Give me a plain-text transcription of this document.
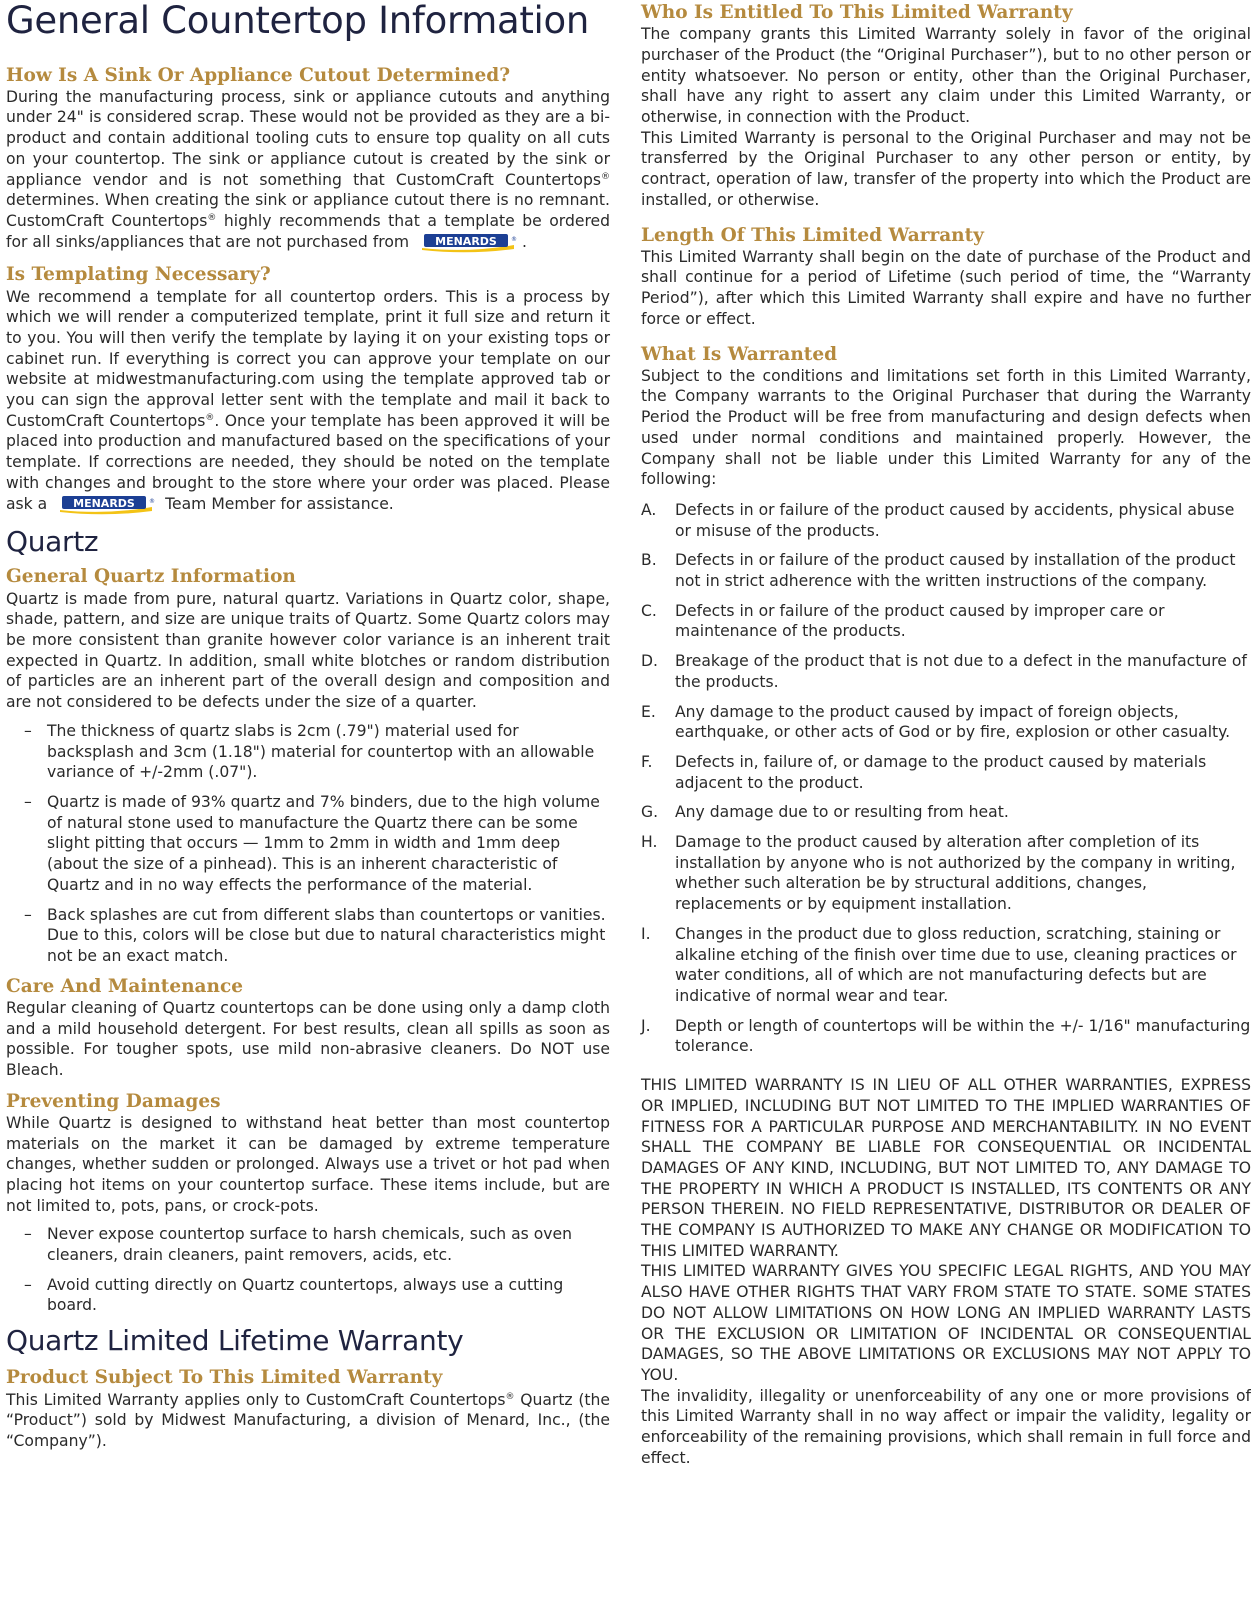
General Countertop Information
How Is A Sink Or Appliance Cutout Determined?

During the manufacturing process, sink or appliance cutouts and anything under 24" is considered scrap. These would not be provided as they are a bi-product and contain additional tooling cuts to ensure top quality on all cuts on your countertop. The sink or appliance cutout is created by the sink or appliance vendor and is not something that CustomCraft Countertops® determines. When creating the sink or appliance cutout there is no remnant. CustomCraft Countertops® highly recommends that a template be ordered for all sinks/appliances that are not purchased from MENARDS ® .

Is Templating Necessary?

We recommend a template for all countertop orders. This is a process by which we will render a computerized template, print it full size and return it to you. You will then verify the template by laying it on your existing tops or cabinet run. If everything is correct you can approve your template on our website at midwestmanufacturing.com using the template approved tab or you can sign the approval letter sent with the template and mail it back to CustomCraft Countertops®. Once your template has been approved it will be placed into production and manufactured based on the specifications of your template. If corrections are needed, they should be noted on the template with changes and brought to the store where your order was placed. Please ask a MENARDS ® Team Member for assistance.

Quartz
General Quartz Information

Quartz is made from pure, natural quartz. Variations in Quartz color, shape, shade, pattern, and size are unique traits of Quartz. Some Quartz colors may be more consistent than granite however color variance is an inherent trait expected in Quartz. In addition, small white blotches or random distribution of particles are an inherent part of the overall design and composition and are not considered to be defects under the size of a quarter.

– The thickness of quartz slabs is 2cm (.79") material used for backsplash and 3cm (1.18") material for countertop with an allowable variance of +/-2mm (.07").
– Quartz is made of 93% quartz and 7% binders, due to the high volume of natural stone used to manufacture the Quartz there can be some slight pitting that occurs — 1mm to 2mm in width and 1mm deep (about the size of a pinhead). This is an inherent characteristic of Quartz and in no way effects the performance of the material.
– Back splashes are cut from different slabs than countertops or vanities. Due to this, colors will be close but due to natural characteristics might not be an exact match.
Care And Maintenance

Regular cleaning of Quartz countertops can be done using only a damp cloth and a mild household detergent. For best results, clean all spills as soon as possible. For tougher spots, use mild non-abrasive cleaners. Do NOT use Bleach.

Preventing Damages

While Quartz is designed to withstand heat better than most countertop materials on the market it can be damaged by extreme temperature changes, whether sudden or prolonged. Always use a trivet or hot pad when placing hot items on your countertop surface. These items include, but are not limited to, pots, pans, or crock-pots.

– Never expose countertop surface to harsh chemicals, such as oven cleaners, drain cleaners, paint removers, acids, etc.
– Avoid cutting directly on Quartz countertops, always use a cutting board.
Quartz Limited Lifetime Warranty
Product Subject To This Limited Warranty

This Limited Warranty applies only to CustomCraft Countertops® Quartz (the “Product”) sold by Midwest Manufacturing, a division of Menard, Inc., (the “Company”).

Who Is Entitled To This Limited Warranty

The company grants this Limited Warranty solely in favor of the original purchaser of the Product (the “Original Purchaser”), but to no other person or entity whatsoever. No person or entity, other than the Original Purchaser, shall have any right to assert any claim under this Limited Warranty, or otherwise, in connection with the Product.

This Limited Warranty is personal to the Original Purchaser and may not be transferred by the Original Purchaser to any other person or entity, by contract, operation of law, transfer of the property into which the Product are installed, or otherwise.

Length Of This Limited Warranty

This Limited Warranty shall begin on the date of purchase of the Product and shall continue for a period of Lifetime (such period of time, the “Warranty Period”), after which this Limited Warranty shall expire and have no further force or effect.

What Is Warranted

Subject to the conditions and limitations set forth in this Limited Warranty, the Company warrants to the Original Purchaser that during the Warranty Period the Product will be free from manufacturing and design defects when used under normal conditions and maintained properly. However, the Company shall not be liable under this Limited Warranty for any of the following:

A.	Defects in or failure of the product caused by accidents, physical abuse or misuse of the products.
B.	Defects in or failure of the product caused by installation of the product not in strict adherence with the written instructions of the company.
C.	Defects in or failure of the product caused by improper care or maintenance of the products.
D.	Breakage of the product that is not due to a defect in the manufacture of the products.
E.	Any damage to the product caused by impact of foreign objects, earthquake, or other acts of God or by fire, explosion or other casualty.
F.	Defects in, failure of, or damage to the product caused by materials adjacent to the product.
G.	Any damage due to or resulting from heat.
H.	Damage to the product caused by alteration after completion of its installation by anyone who is not authorized by the company in writing, whether such alteration be by structural additions, changes, replacements or by equipment installation.
I.	Changes in the product due to gloss reduction, scratching, staining or alkaline etching of the finish over time due to use, cleaning practices or water conditions, all of which are not manufacturing defects but are indicative of normal wear and tear.
J.	Depth or length of countertops will be within the +/- 1/16" manufacturing tolerance.

THIS LIMITED WARRANTY IS IN LIEU OF ALL OTHER WARRANTIES, EXPRESS OR IMPLIED, INCLUDING BUT NOT LIMITED TO THE IMPLIED WARRANTIES OF FITNESS FOR A PARTICULAR PURPOSE AND MERCHANTABILITY. IN NO EVENT SHALL THE COMPANY BE LIABLE FOR CONSEQUENTIAL OR INCIDENTAL DAMAGES OF ANY KIND, INCLUDING, BUT NOT LIMITED TO, ANY DAMAGE TO THE PROPERTY IN WHICH A PRODUCT IS INSTALLED, ITS CONTENTS OR ANY PERSON THEREIN. NO FIELD REPRESENTATIVE, DISTRIBUTOR OR DEALER OF THE COMPANY IS AUTHORIZED TO MAKE ANY CHANGE OR MODIFICATION TO THIS LIMITED WARRANTY.

THIS LIMITED WARRANTY GIVES YOU SPECIFIC LEGAL RIGHTS, AND YOU MAY ALSO HAVE OTHER RIGHTS THAT VARY FROM STATE TO STATE. SOME STATES DO NOT ALLOW LIMITATIONS ON HOW LONG AN IMPLIED WARRANTY LASTS OR THE EXCLUSION OR LIMITATION OF INCIDENTAL OR CONSEQUENTIAL DAMAGES, SO THE ABOVE LIMITATIONS OR EXCLUSIONS MAY NOT APPLY TO YOU.

The invalidity, illegality or unenforceability of any one or more provisions of this Limited Warranty shall in no way affect or impair the validity, legality or enforceability of the remaining provisions, which shall remain in full force and effect.
